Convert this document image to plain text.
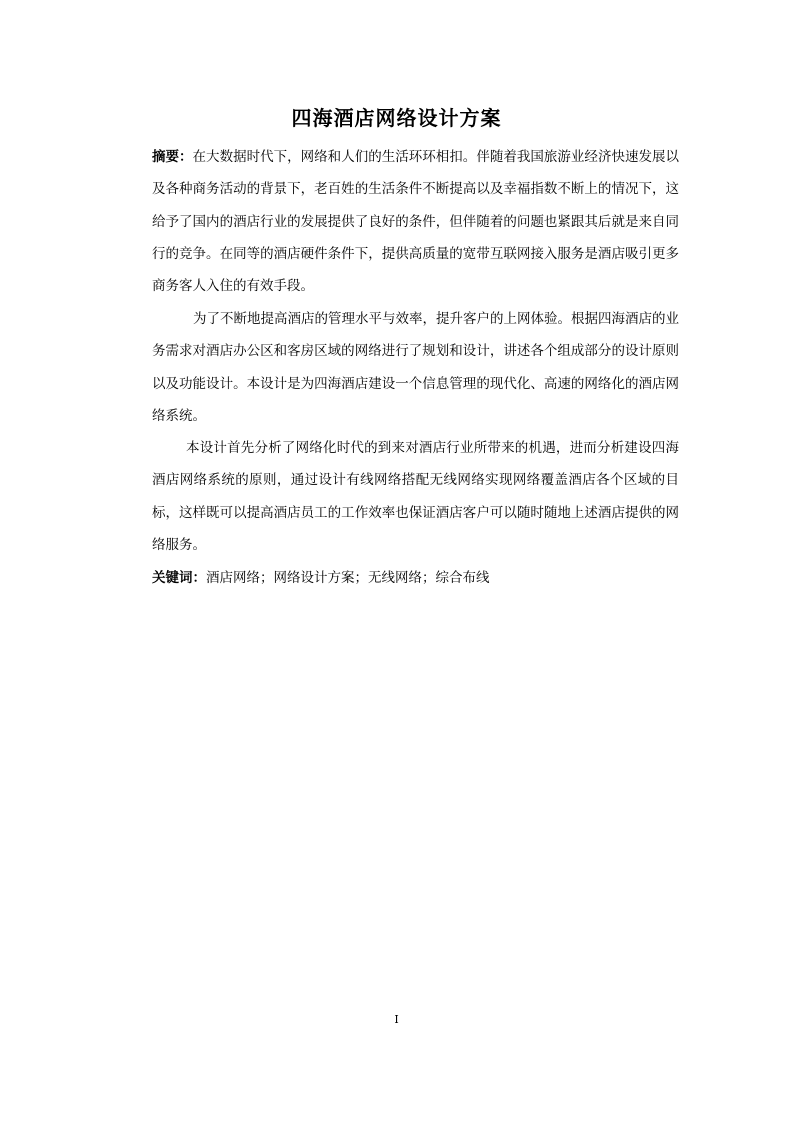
四海酒店网络设计方案

摘要：在大数据时代下，网络和人们的生活环环相扣。伴随着我国旅游业经济快速发展以及各种商务活动的背景下，老百姓的生活条件不断提高以及幸福指数不断上的情况下，这给予了国内的酒店行业的发展提供了良好的条件，但伴随着的问题也紧跟其后就是来自同行的竞争。在同等的酒店硬件条件下，提供高质量的宽带互联网接入服务是酒店吸引更多商务客人入住的有效手段。

为了不断地提高酒店的管理水平与效率，提升客户的上网体验。根据四海酒店的业务需求对酒店办公区和客房区域的网络进行了规划和设计，讲述各个组成部分的设计原则以及功能设计。本设计是为四海酒店建设一个信息管理的现代化、高速的网络化的酒店网络系统。

本设计首先分析了网络化时代的到来对酒店行业所带来的机遇，进而分析建设四海酒店网络系统的原则，通过设计有线网络搭配无线网络实现网络覆盖酒店各个区域的目标，这样既可以提高酒店员工的工作效率也保证酒店客户可以随时随地上述酒店提供的网络服务。

关键词：酒店网络；网络设计方案；无线网络；综合布线

I
